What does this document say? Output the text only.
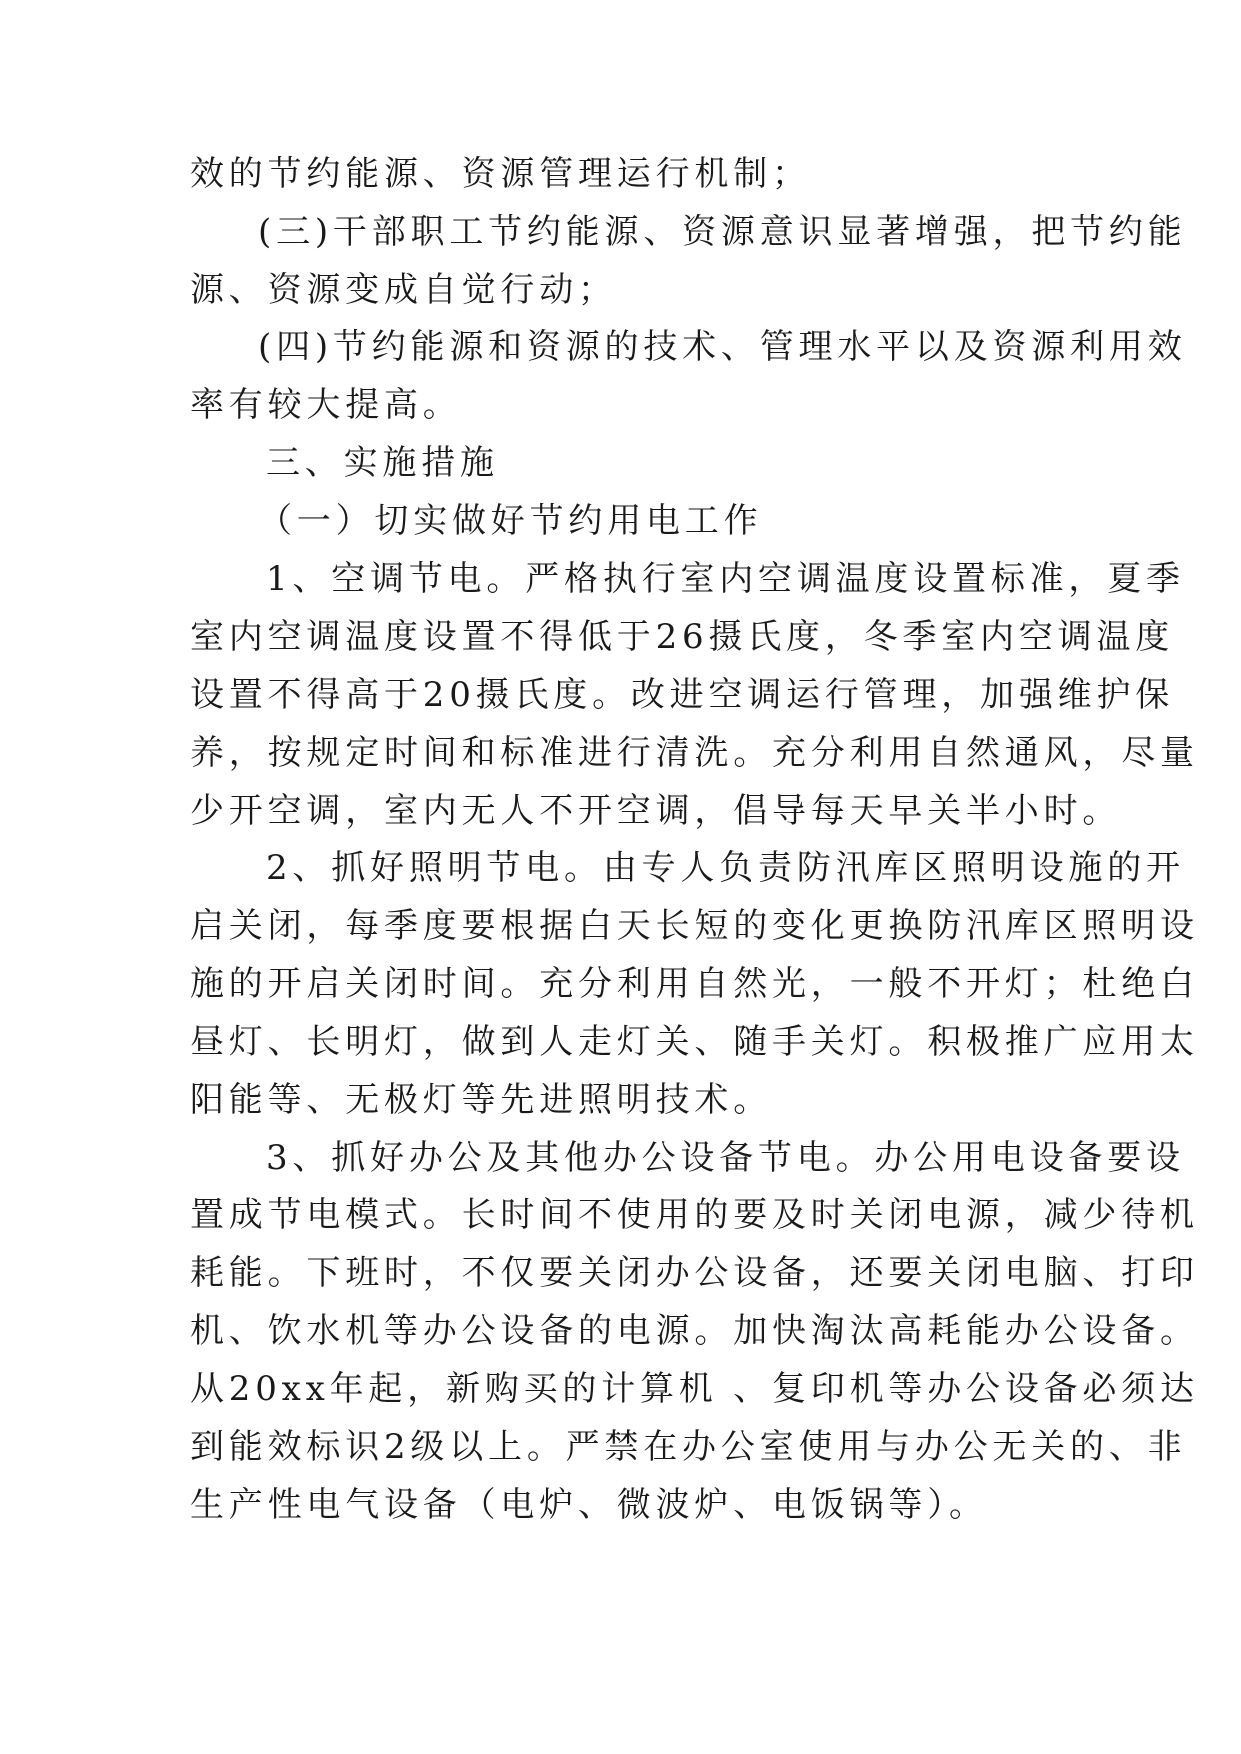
效的节约能源、资源管理运行机制；
(三)干部职工节约能源、资源意识显著增强，把节约能
源、资源变成自觉行动；
(四)节约能源和资源的技术、管理水平以及资源利用效
率有较大提高。
三、实施措施
（一）切实做好节约用电工作
1、空调节电。严格执行室内空调温度设置标准，夏季
室内空调温度设置不得低于26摄氏度，冬季室内空调温度
设置不得高于20摄氏度。改进空调运行管理，加强维护保
养，按规定时间和标准进行清洗。充分利用自然通风，尽量
少开空调，室内无人不开空调，倡导每天早关半小时。
2、抓好照明节电。由专人负责防汛库区照明设施的开
启关闭，每季度要根据白天长短的变化更换防汛库区照明设
施的开启关闭时间。充分利用自然光，一般不开灯；杜绝白
昼灯、长明灯，做到人走灯关、随手关灯。积极推广应用太
阳能等、无极灯等先进照明技术。
3、抓好办公及其他办公设备节电。办公用电设备要设
置成节电模式。长时间不使用的要及时关闭电源，减少待机
耗能。下班时，不仅要关闭办公设备，还要关闭电脑、打印
机、饮水机等办公设备的电源。加快淘汰高耗能办公设备。
从20xx年起，新购买的计算机 、复印机等办公设备必须达
到能效标识2级以上。严禁在办公室使用与办公无关的、非
生产性电气设备（电炉、微波炉、电饭锅等）。
